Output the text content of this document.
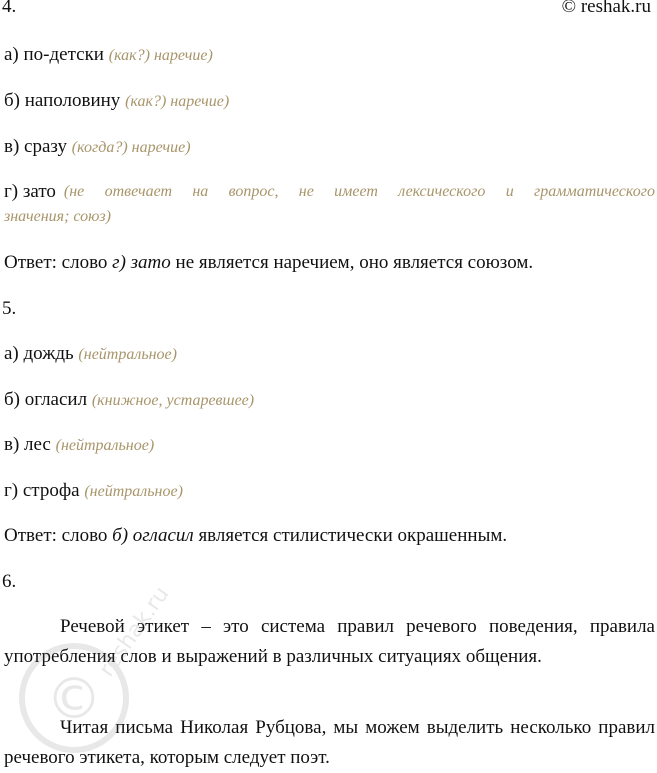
4.	© reshak.ru
а) по-детски (как?) наречие)
б) наполовину (как?) наречие)
в) сразу (когда?) наречие)
г) зато (не отвечает на вопрос, не имеет лексического и грамматического
значения; союз)
Ответ: слово г) зато не является наречием, оно является союзом.
5.
а) дождь (нейтральное)
б) огласил (книжное, устаревшее)
в) лес (нейтральное)
г) строфа (нейтральное)
Ответ: слово б) огласил является стилистически окрашенным.
6.
Речевой этикет – это система правил речевого поведения, правила употребления слов и выражений в различных ситуациях общения.
Читая письма Николая Рубцова, мы можем выделить несколько правил речевого этикета, которым следует поэт.
©
reshak.ru
